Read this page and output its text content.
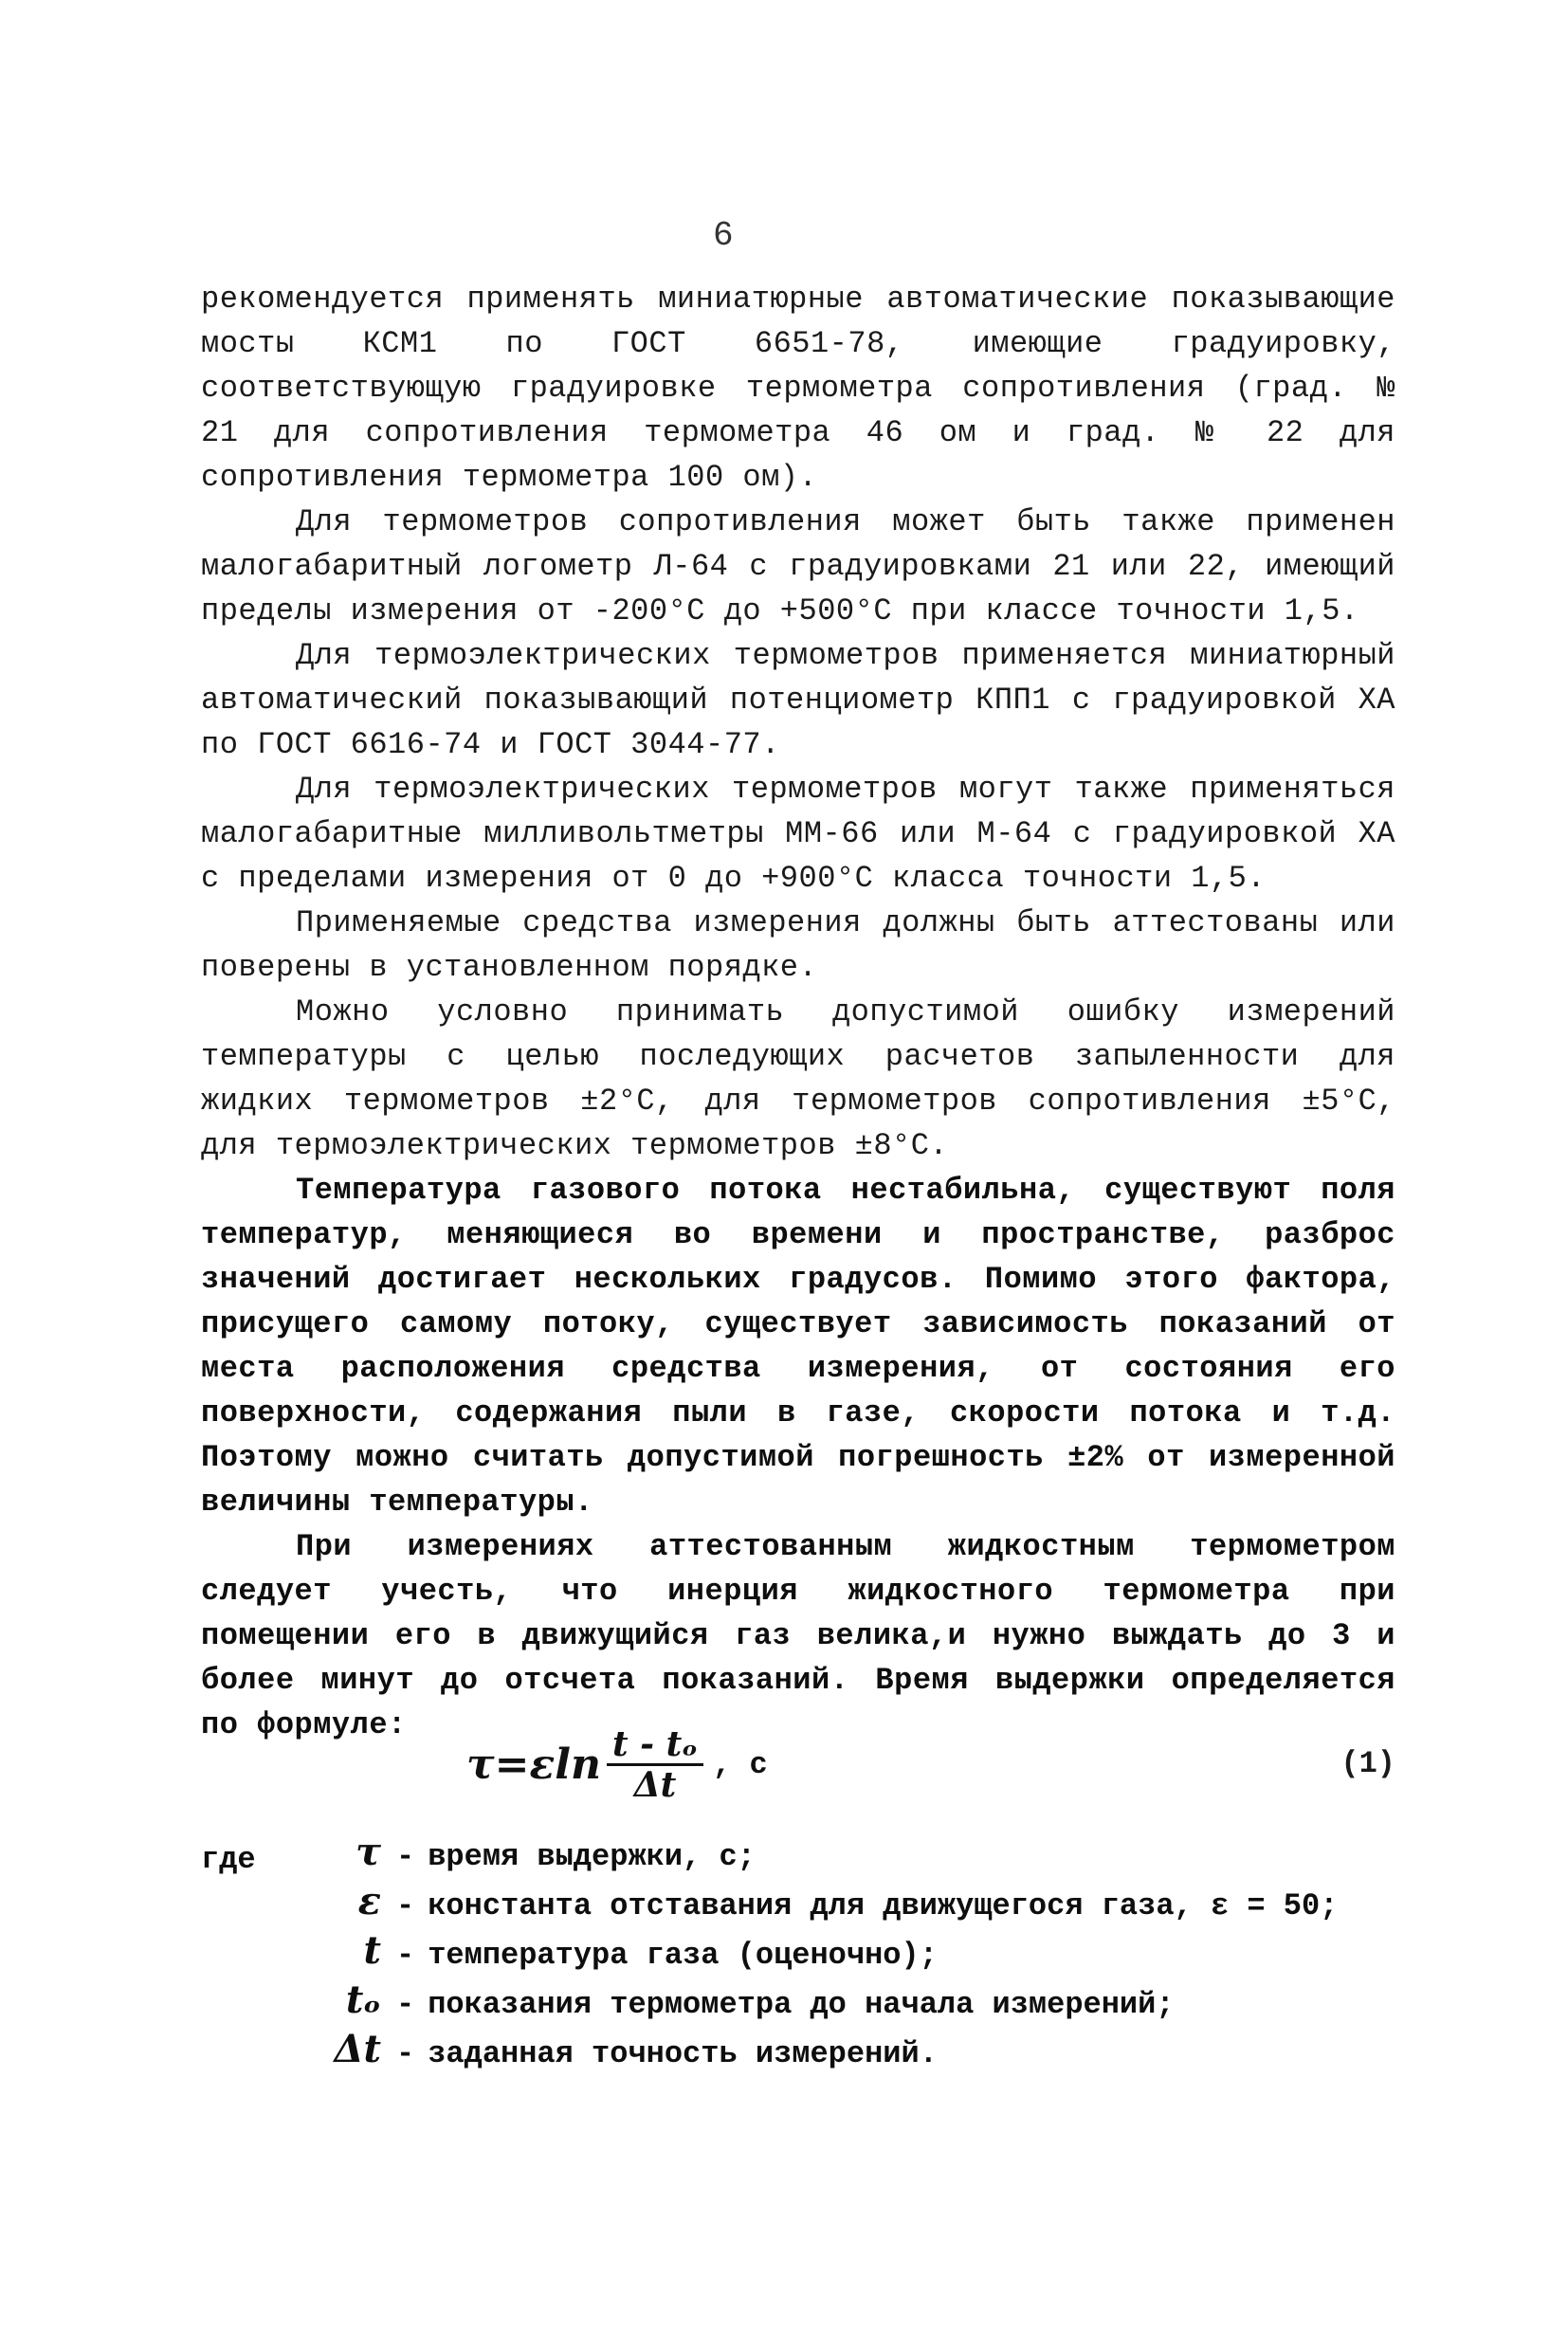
6

рекомендуется применять миниатюрные автоматические показывающие мосты КСМ1 по ГОСТ 6651-78, имеющие градуировку, соответствующую градуировке термометра сопротивления (град. № 21 для сопротивления термометра 46 ом и град. № 22 для сопротивления термометра 100 ом).

Для термометров сопротивления может быть также применен малогабаритный логометр Л-64 с градуировками 21 или 22, имеющий пределы измерения от -200°С до +500°С при классе точности 1,5.

Для термоэлектрических термометров применяется миниатюрный автоматический показывающий потенциометр КПП1 с градуировкой ХА по ГОСТ 6616-74 и ГОСТ 3044-77.

Для термоэлектрических термометров могут также применяться малогабаритные милливольтметры ММ-66 или М-64 с градуировкой ХА с пределами измерения от 0 до +900°С класса точности 1,5.

Применяемые средства измерения должны быть аттестованы или поверены в установленном порядке.

Можно условно принимать допустимой ошибку измерений температуры с целью последующих расчетов запыленности для жидких термометров ±2°С, для термометров сопротивления ±5°С, для термоэлектрических термометров ±8°С.

Температура газового потока нестабильна, существуют поля температур, меняющиеся во времени и пространстве, разброс значений достигает нескольких градусов. Помимо этого фактора, присущего самому потоку, существует зависимость показаний от места расположения средства измерения, от состояния его поверхности, содержания пыли в газе, скорости потока и т.д. Поэтому можно считать допустимой погрешность ±2% от измеренной величины температуры.

При измерениях аттестованным жидкостным термометром следует учесть, что инерция жидкостного термометра при помещении его в движущийся газ велика,и нужно выждать до 3 и более минут до отсчета показаний. Время выдержки определяется по формуле:

τ = ε $\ln \frac{\text{t - tₒ}}{\Delta t}$ , с	(1)
где	τ - время выдержки, с;
ε - константа отставания для движущегося газа, ε = 50;
t - температура газа (оценочно);
tₒ - показания термометра до начала измерений;
Δt - заданная точность измерений.
